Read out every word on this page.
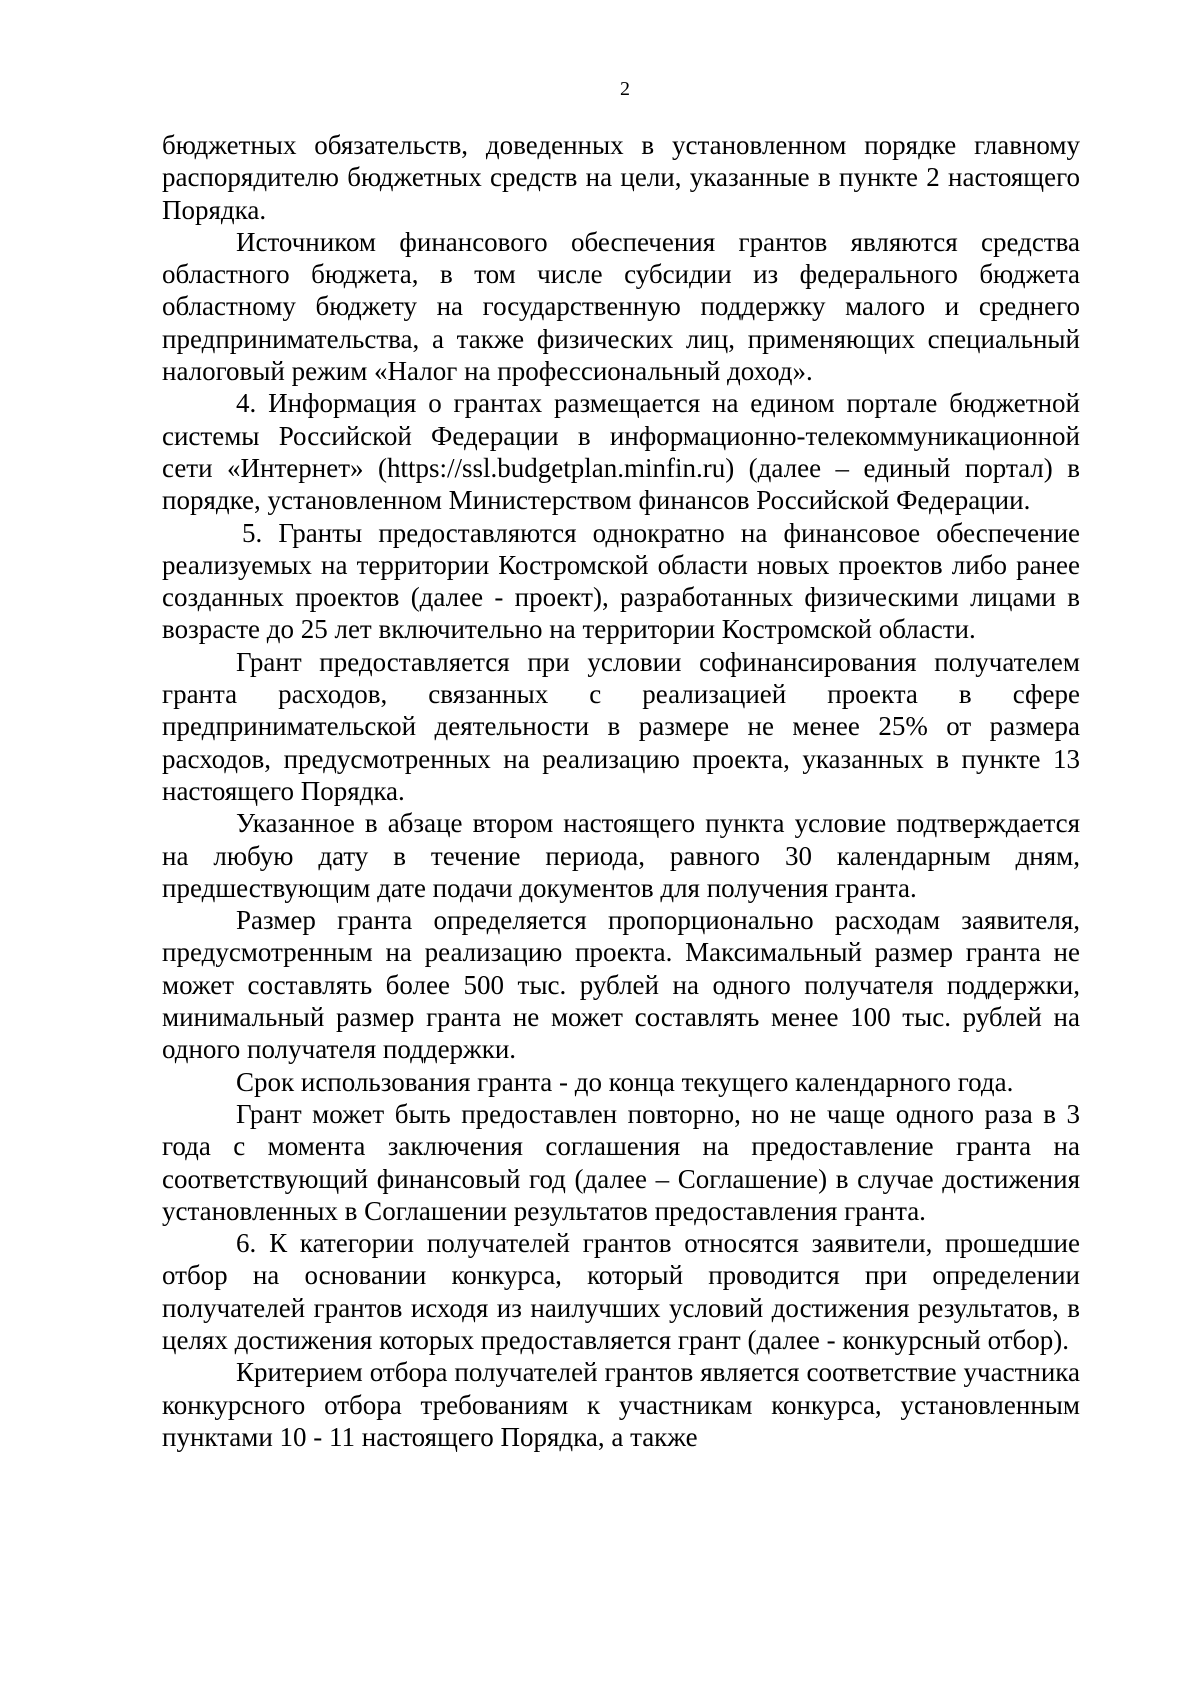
2

бюджетных обязательств, доведенных в установленном порядке главному распорядителю бюджетных средств на цели, указанные в пункте 2 настоящего Порядка.

Источником финансового обеспечения грантов являются средства областного бюджета, в том числе субсидии из федерального бюджета областному бюджету на государственную поддержку малого и среднего предпринимательства, а также физических лиц, применяющих специальный налоговый режим «Налог на профессиональный доход».

4. Информация о грантах размещается на едином портале бюджетной системы Российской Федерации в информационно-телекоммуникационной сети «Интернет» (https://ssl.budgetplan.minfin.ru) (далее – единый портал) в порядке, установленном Министерством финансов Российской Федерации.

5. Гранты предоставляются однократно на финансовое обеспечение реализуемых на территории Костромской области новых проектов либо ранее созданных проектов (далее - проект), разработанных физическими лицами в возрасте до 25 лет включительно на территории Костромской области.

Грант предоставляется при условии софинансирования получателем гранта расходов, связанных с реализацией проекта в сфере предпринимательской деятельности в размере не менее 25% от размера расходов, предусмотренных на реализацию проекта, указанных в пункте 13 настоящего Порядка.

Указанное в абзаце втором настоящего пункта условие подтверждается на любую дату в течение периода, равного 30 календарным дням, предшествующим дате подачи документов для получения гранта.

Размер гранта определяется пропорционально расходам заявителя, предусмотренным на реализацию проекта. Максимальный размер гранта не может составлять более 500 тыс. рублей на одного получателя поддержки, минимальный размер гранта не может составлять менее 100 тыс. рублей на одного получателя поддержки.

Срок использования гранта - до конца текущего календарного года.

Грант может быть предоставлен повторно, но не чаще одного раза в 3 года с момента заключения соглашения на предоставление гранта на соответствующий финансовый год (далее – Соглашение) в случае достижения установленных в Соглашении результатов предоставления гранта.

6. К категории получателей грантов относятся заявители, прошедшие отбор на основании конкурса, который проводится при определении получателей грантов исходя из наилучших условий достижения результатов, в целях достижения которых предоставляется грант (далее - конкурсный отбор).

Критерием отбора получателей грантов является соответствие участника конкурсного отбора требованиям к участникам конкурса, установленным пунктами 10 - 11 настоящего Порядка, а также
